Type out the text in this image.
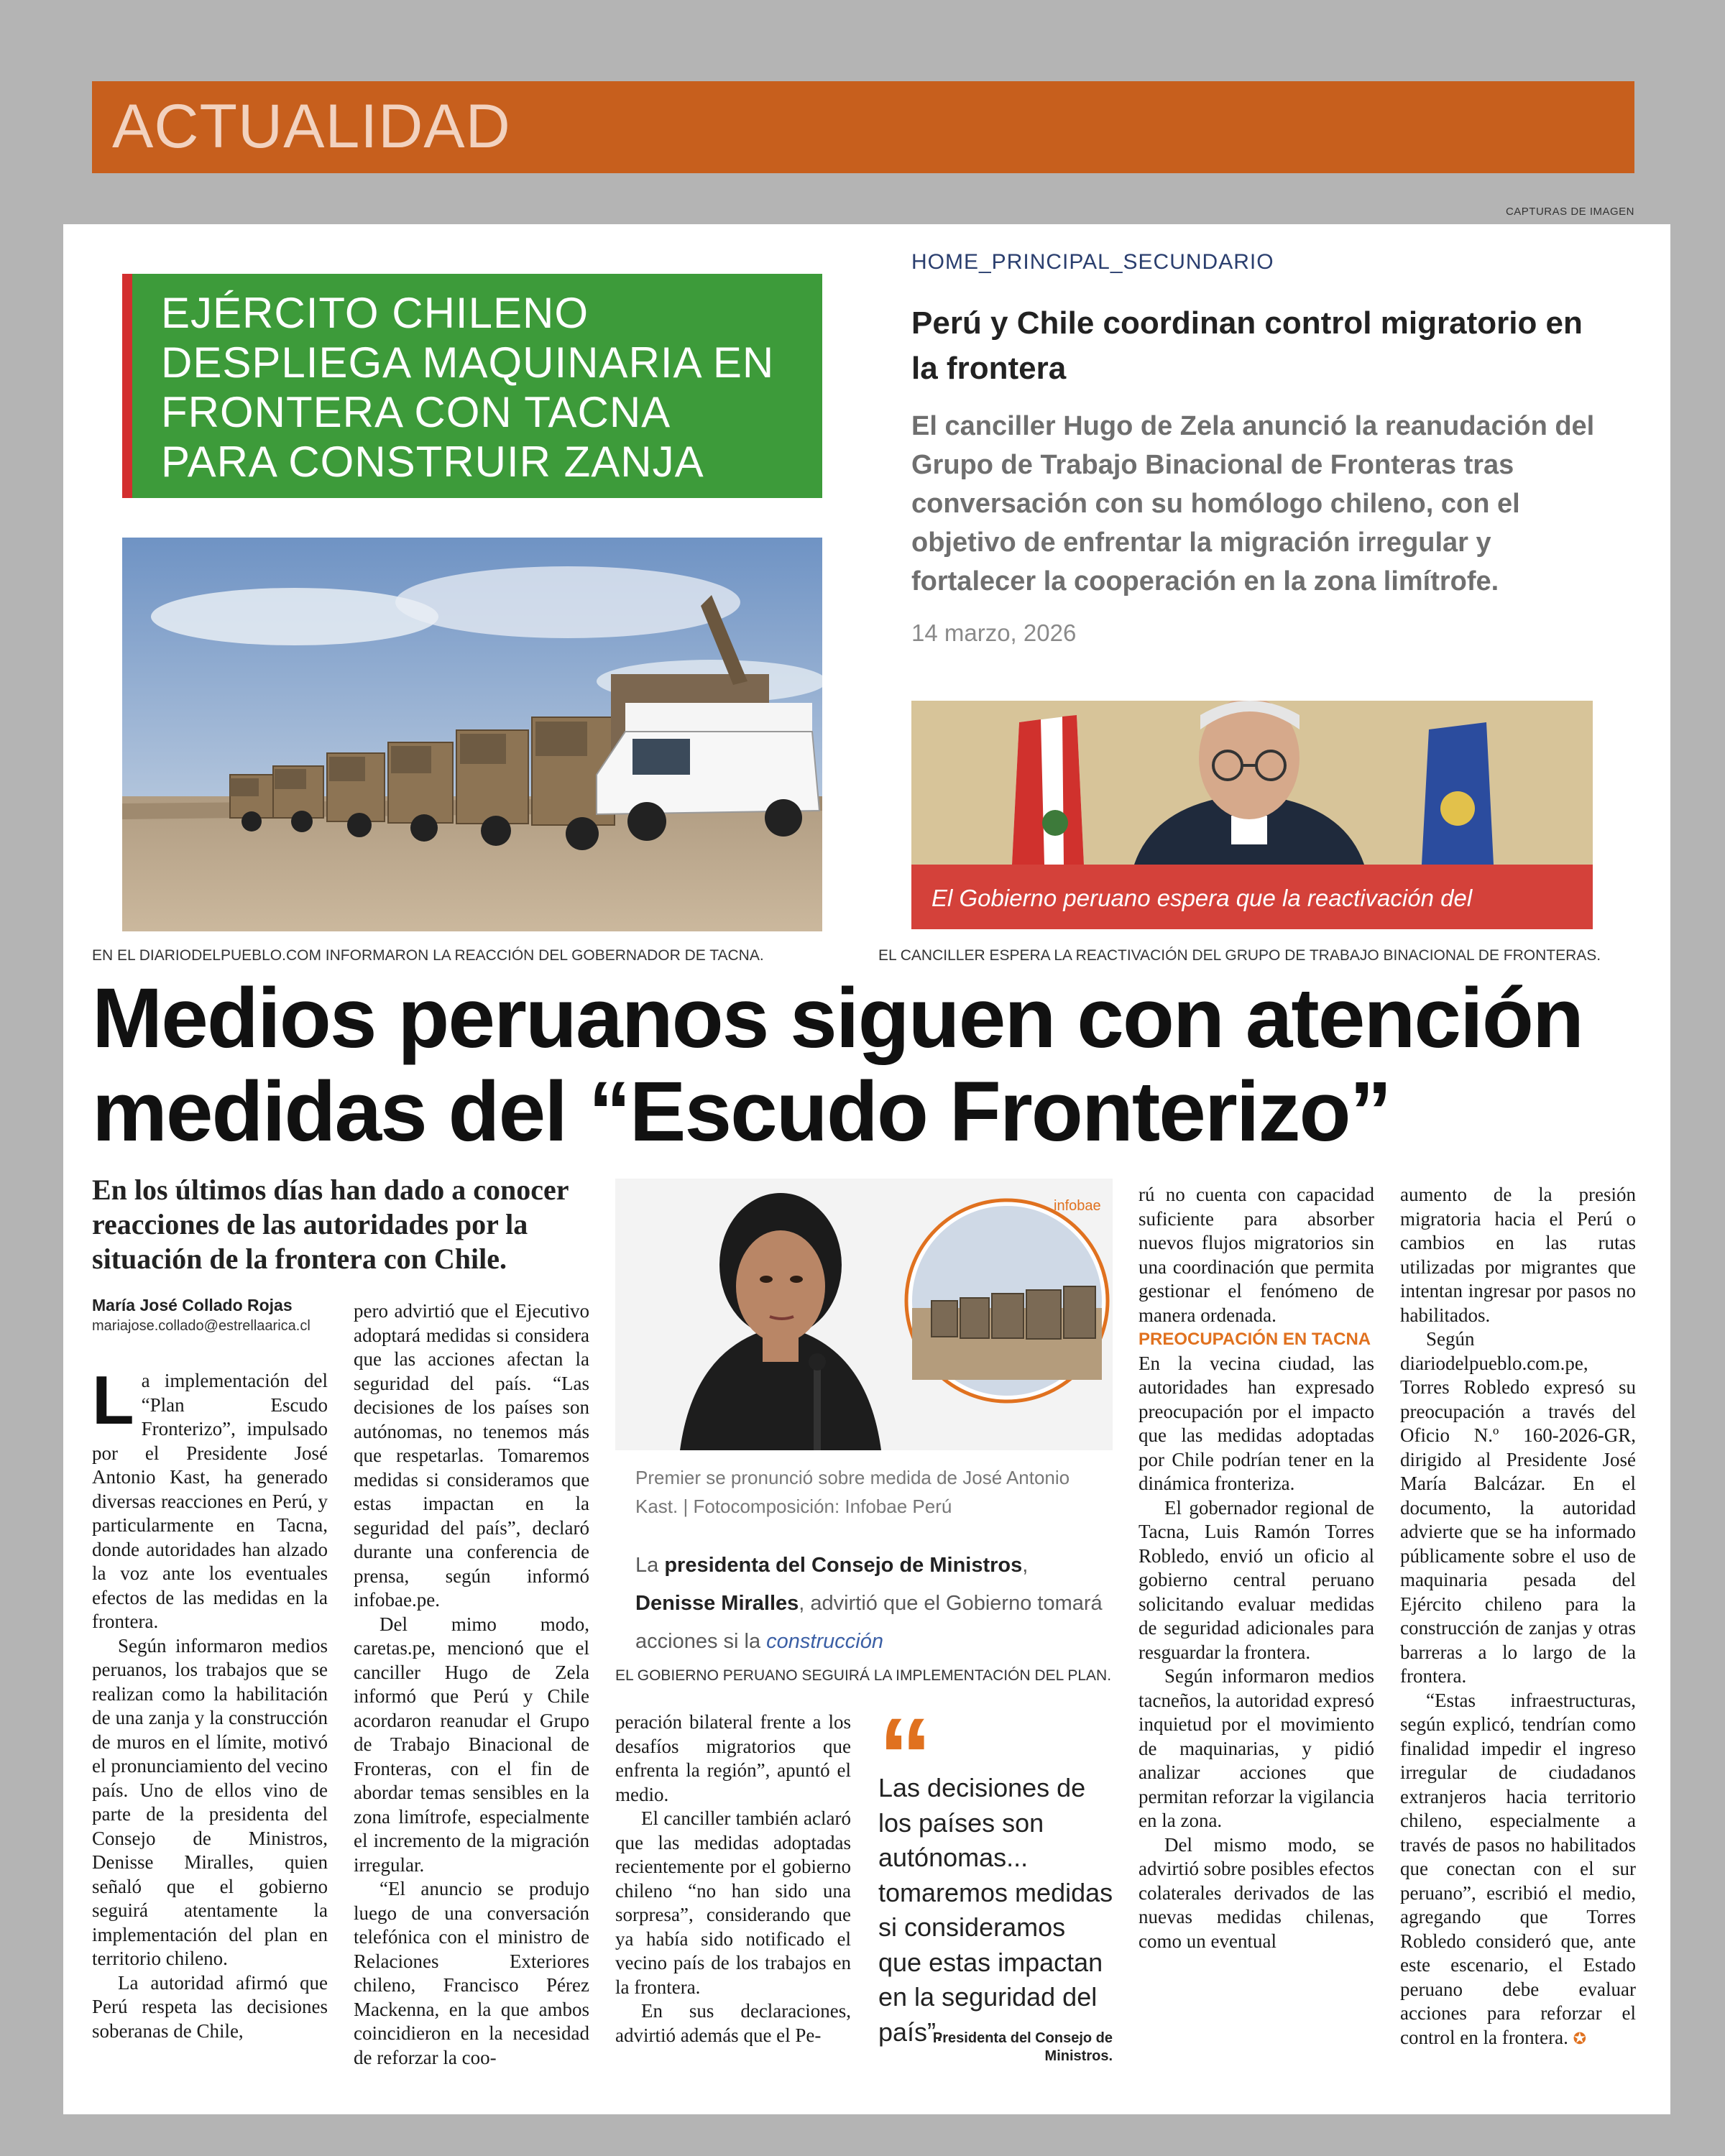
ACTUALIDAD
CAPTURAS DE IMAGEN
EJÉRCITO CHILENO DESPLIEGA MAQUINARIA EN FRONTERA CON TACNA PARA CONSTRUIR ZANJA
EN EL DIARIODELPUEBLO.COM INFORMARON LA REACCIÓN DEL GOBERNADOR DE TACNA.
HOME_PRINCIPAL_SECUNDARIO
Perú y Chile coordinan control migratorio en la frontera
El canciller Hugo de Zela anunció la reanudación del Grupo de Trabajo Binacional de Fronteras tras conversación con su homólogo chileno, con el objetivo de enfrentar la migración irregular y fortalecer la cooperación en la zona limítrofe.
14 marzo, 2026
El Gobierno peruano espera que la reactivación del
EL CANCILLER ESPERA LA REACTIVACIÓN DEL GRUPO DE TRABAJO BINACIONAL DE FRONTERAS.
Medios peruanos siguen con atención medidas del “Escudo Fronterizo”
En los últimos días han dado a conocer reacciones de las autoridades por la situación de la frontera con Chile.
María José Collado Rojas
mariajose.collado@estrellaarica.cl

La implementación del “Plan Escudo Fronterizo”, impulsado por el Presidente José Antonio Kast, ha generado diversas reacciones en Perú, y particularmente en Tacna, donde autoridades han alzado la voz ante los eventuales efectos de las medidas en la frontera.

Según informaron medios peruanos, los trabajos que se realizan como la habilitación de una zanja y la construcción de muros en el límite, motivó el pronunciamiento del vecino país. Uno de ellos vino de parte de la presidenta del Consejo de Ministros, Denisse Miralles, quien señaló que el gobierno seguirá atentamente la implementación del plan en territorio chileno.

La autoridad afirmó que Perú respeta las decisiones soberanas de Chile,

pero advirtió que el Ejecutivo adoptará medidas si considera que las acciones afectan la seguridad del país. “Las decisiones de los países son autónomas, no tenemos más que respetarlas. Tomaremos medidas si consideramos que estas impactan en la seguridad del país”, declaró durante una conferencia de prensa, según informó infobae.pe.

Del mimo modo, caretas.pe, mencionó que el canciller Hugo de Zela informó que Perú y Chile acordaron reanudar el Grupo de Trabajo Binacional de Fronteras, con el fin de abordar temas sensibles en la zona limítrofe, especialmente el incremento de la migración irregular.

“El anuncio se produjo luego de una conversación telefónica con el ministro de Relaciones Exteriores chileno, Francisco Pérez Mackenna, en la que ambos coincidieron en la necesidad de reforzar la coo-

infobae
Premier se pronunció sobre medida de José Antonio Kast. | Fotocomposición: Infobae Perú
La presidenta del Consejo de Ministros, Denisse Miralles, advirtió que el Gobierno tomará acciones si la construcción
EL GOBIERNO PERUANO SEGUIRÁ LA IMPLEMENTACIÓN DEL PLAN.

peración bilateral frente a los desafíos migratorios que enfrenta la región”, apuntó el medio.

El canciller también aclaró que las medidas adoptadas recientemente por el gobierno chileno “no han sido una sorpresa”, considerando que ya había sido notificado el vecino país de los trabajos en la frontera.

En sus declaraciones, advirtió además que el Pe-

“
Las decisiones de los países son autónomas... tomaremos medidas si consideramos que estas impactan en la seguridad del país”.
Presidenta del Consejo de Ministros.

rú no cuenta con capacidad suficiente para absorber nuevos flujos migratorios sin una coordinación que permita gestionar el fenómeno de manera ordenada.

PREOCUPACIÓN EN TACNA

En la vecina ciudad, las autoridades han expresado preocupación por el impacto que las medidas adoptadas por Chile podrían tener en la dinámica fronteriza.

El gobernador regional de Tacna, Luis Ramón Torres Robledo, envió un oficio al gobierno central peruano solicitando evaluar medidas de seguridad adicionales para resguardar la frontera.

Según informaron medios tacneños, la autoridad expresó inquietud por el movimiento de maquinarias, y pidió analizar acciones que permitan reforzar la vigilancia en la zona.

Del mismo modo, se advirtió sobre posibles efectos colaterales derivados de las nuevas medidas chilenas, como un eventual

aumento de la presión migratoria hacia el Perú o cambios en las rutas utilizadas por migrantes que intentan ingresar por pasos no habilitados.

Según diariodelpueblo.com.pe, Torres Robledo expresó su preocupación a través del Oficio N.º 160-2026-GR, dirigido al Presidente José María Balcázar. En el documento, la autoridad advierte que se ha informado públicamente sobre el uso de maquinaria pesada del Ejército chileno para la construcción de zanjas y otras barreras a lo largo de la frontera.

“Estas infraestructuras, según explicó, tendrían como finalidad impedir el ingreso irregular de ciudadanos extranjeros hacia territorio chileno, especialmente a través de pasos no habilitados que conectan con el sur peruano”, escribió el medio, agregando que Torres Robledo consideró que, ante este escenario, el Estado peruano debe evaluar acciones para reforzar el control en la frontera. ✪
